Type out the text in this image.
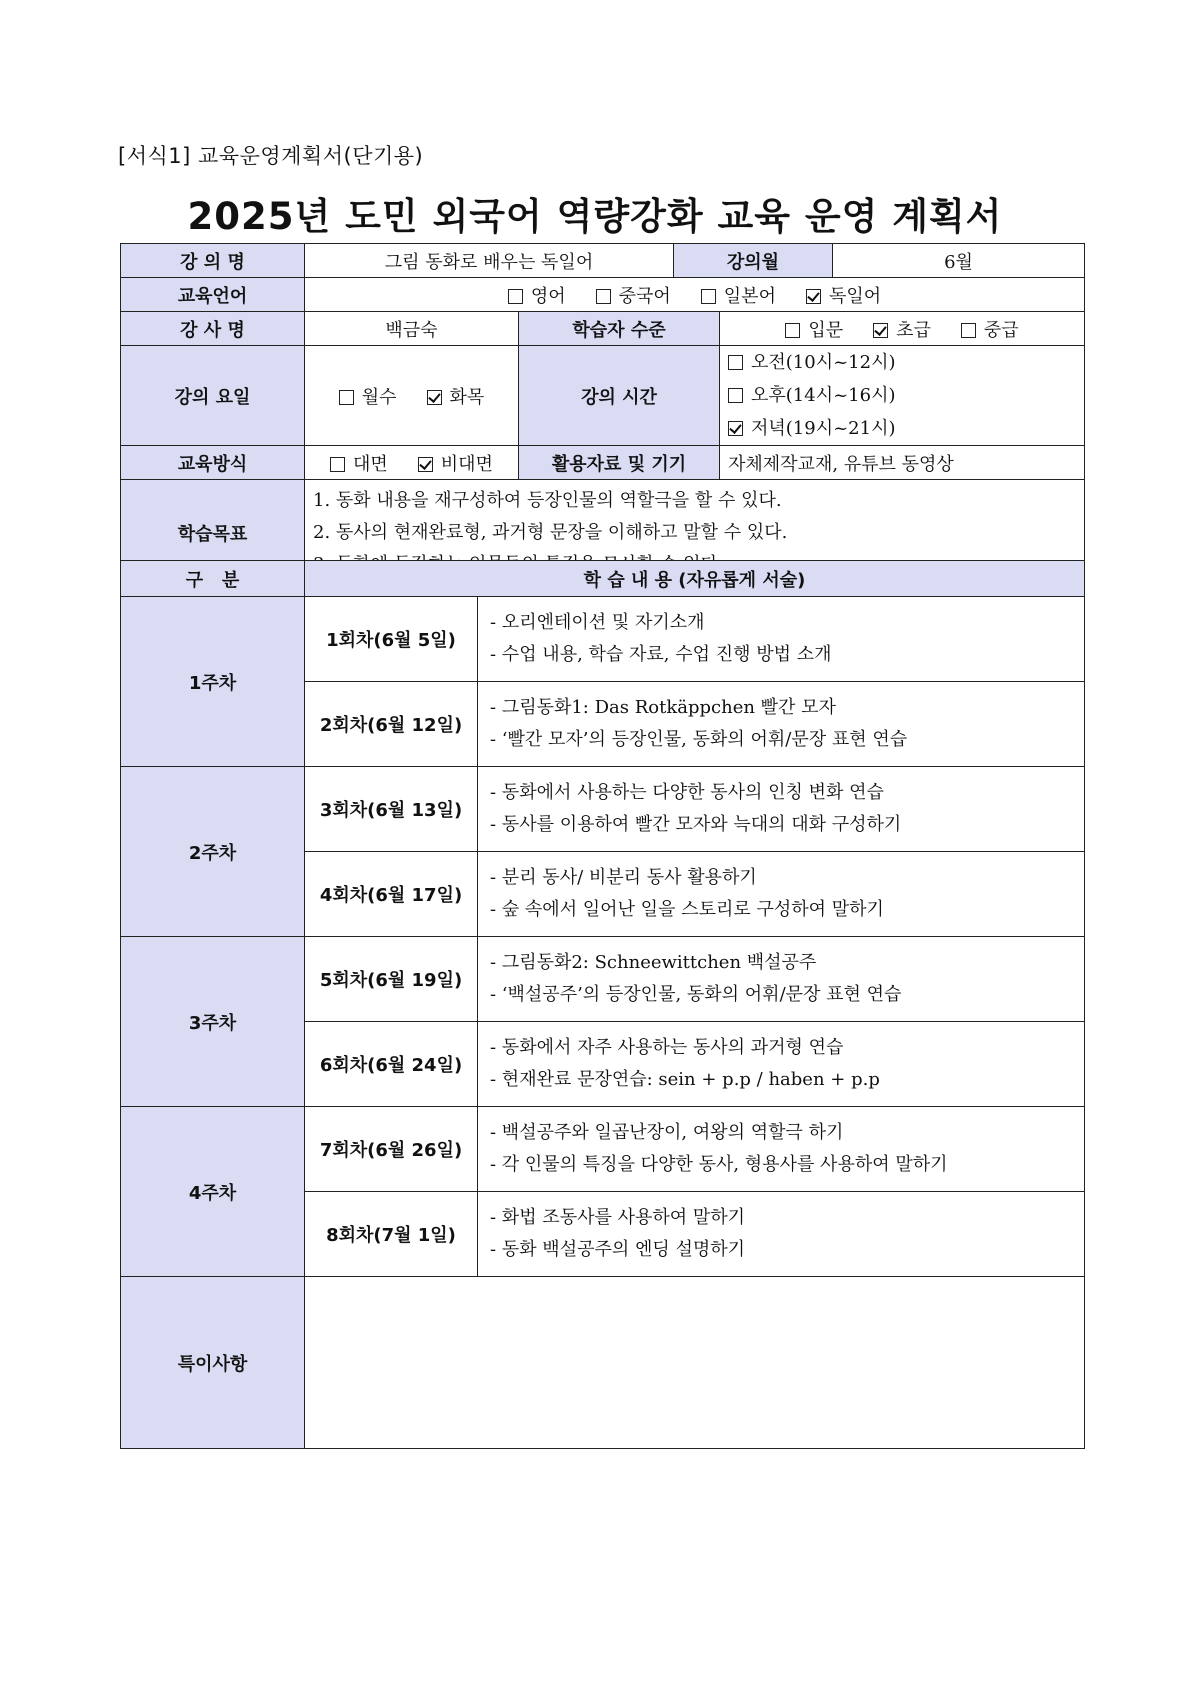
[서식1] 교육운영계획서(단기용)
2025년 도민 외국어 역량강화 교육 운영 계획서
강 의 명	그림 동화로 배우는 독일어		강의월 6월	

교육언어	영어 중국어 일본어 독일어			
강 사 명	백금숙	학습자 수준		입문 초급 중급
강의 요일	월수 화목	강의 시간		오전(10시~12시)오후(14시~16시)
저녁(19시~21시)

교육방식	대면 비대면	활용자료 및 기기		자체제작교재, 유튜브 동영상
학습목표	1. 동화 내용을 재구성하여 등장인물의 역할극을 할 수 있다.
2. 동사의 현재완료형, 과거형 문장을 이해하고 말할 수 있다.			
구   분	학 습 내 용 (자유롭게 서술)	
1주차	1회차(6월 5일)	- 오리엔테이션 및 자기소개
- 수업 내용, 학습 자료, 수업 진행 방법 소개

	2회차(6월 12일)	- 그림동화1: Das Rotkäppchen 빨간 모자
- ‘빨간 모자’의 등장인물, 동화의 어휘/문장 표현 연습

2주차	3회차(6월 13일)	- 동화에서 사용하는 다양한 동사의 인칭 변화 연습
- 동사를 이용하여 빨간 모자와 늑대의 대화 구성하기

	4회차(6월 17일)	- 분리 동사/ 비분리 동사 활용하기
- 숲 속에서 일어난 일을 스토리로 구성하여 말하기

3주차	5회차(6월 19일)	- 그림동화2: Schneewittchen 백설공주
- ‘백설공주’의 등장인물, 동화의 어휘/문장 표현 연습

	6회차(6월 24일)	- 동화에서 자주 사용하는 동사의 과거형 연습
- 현재완료 문장연습: sein + p.p / haben + p.p

4주차	7회차(6월 26일)	- 백설공주와 일곱난장이, 여왕의 역할극 하기
- 각 인물의 특징을 다양한 동사, 형용사를 사용하여 말하기

	8회차(7월 1일)	- 화법 조동사를 사용하여 말하기
- 동화 백설공주의 엔딩 설명하기

특이사항		
